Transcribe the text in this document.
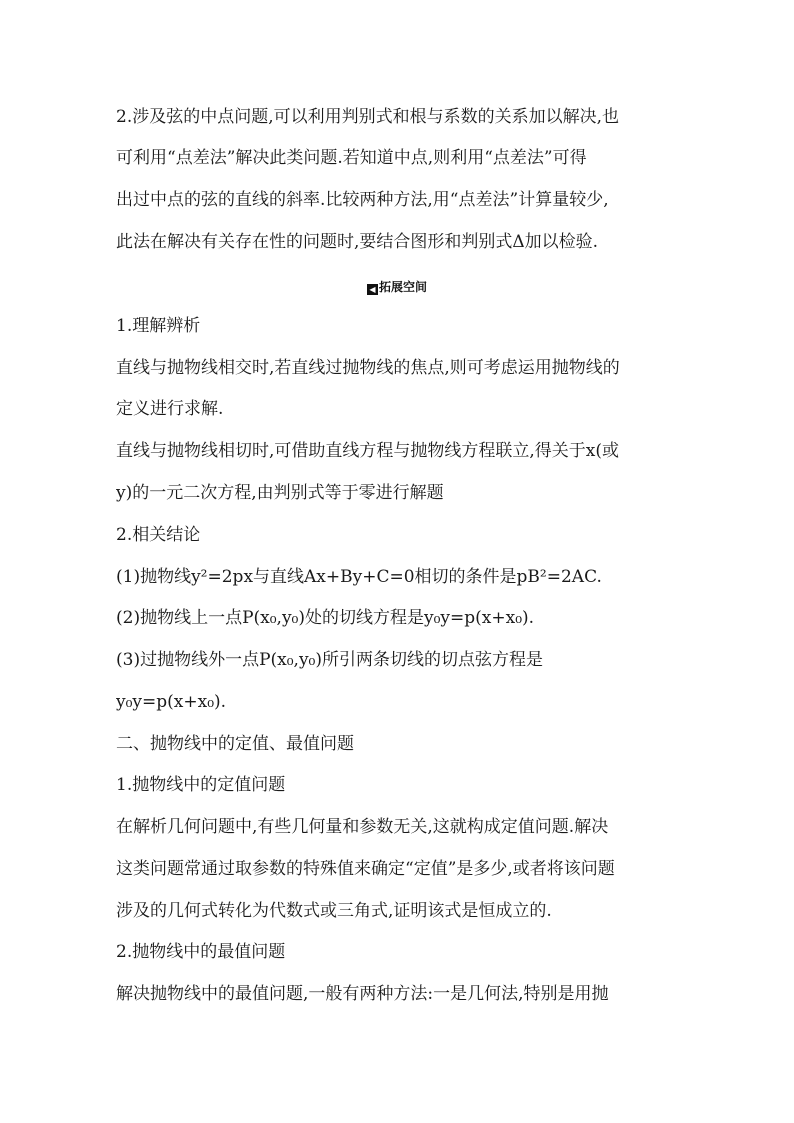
2.涉及弦的中点问题,可以利用判别式和根与系数的关系加以解决,也
可利用“点差法”解决此类问题.若知道中点,则利用“点差法”可得
出过中点的弦的直线的斜率.比较两种方法,用“点差法”计算量较少,
此法在解决有关存在性的问题时,要结合图形和判别式Δ加以检验.
◀ 拓展空间
1.理解辨析
直线与抛物线相交时,若直线过抛物线的焦点,则可考虑运用抛物线的
定义进行求解.
直线与抛物线相切时,可借助直线方程与抛物线方程联立,得关于x(或
y)的一元二次方程,由判别式等于零进行解题
2.相关结论
(1)抛物线y²=2px与直线Ax+By+C=0相切的条件是pB²=2AC.
(2)抛物线上一点P(x₀,y₀)处的切线方程是y₀y=p(x+x₀).
(3)过抛物线外一点P(x₀,y₀)所引两条切线的切点弦方程是
y₀y=p(x+x₀).
二、抛物线中的定值、最值问题
1.抛物线中的定值问题
在解析几何问题中,有些几何量和参数无关,这就构成定值问题.解决
这类问题常通过取参数的特殊值来确定“定值”是多少,或者将该问题
涉及的几何式转化为代数式或三角式,证明该式是恒成立的.
2.抛物线中的最值问题
解决抛物线中的最值问题,一般有两种方法:一是几何法,特别是用抛
